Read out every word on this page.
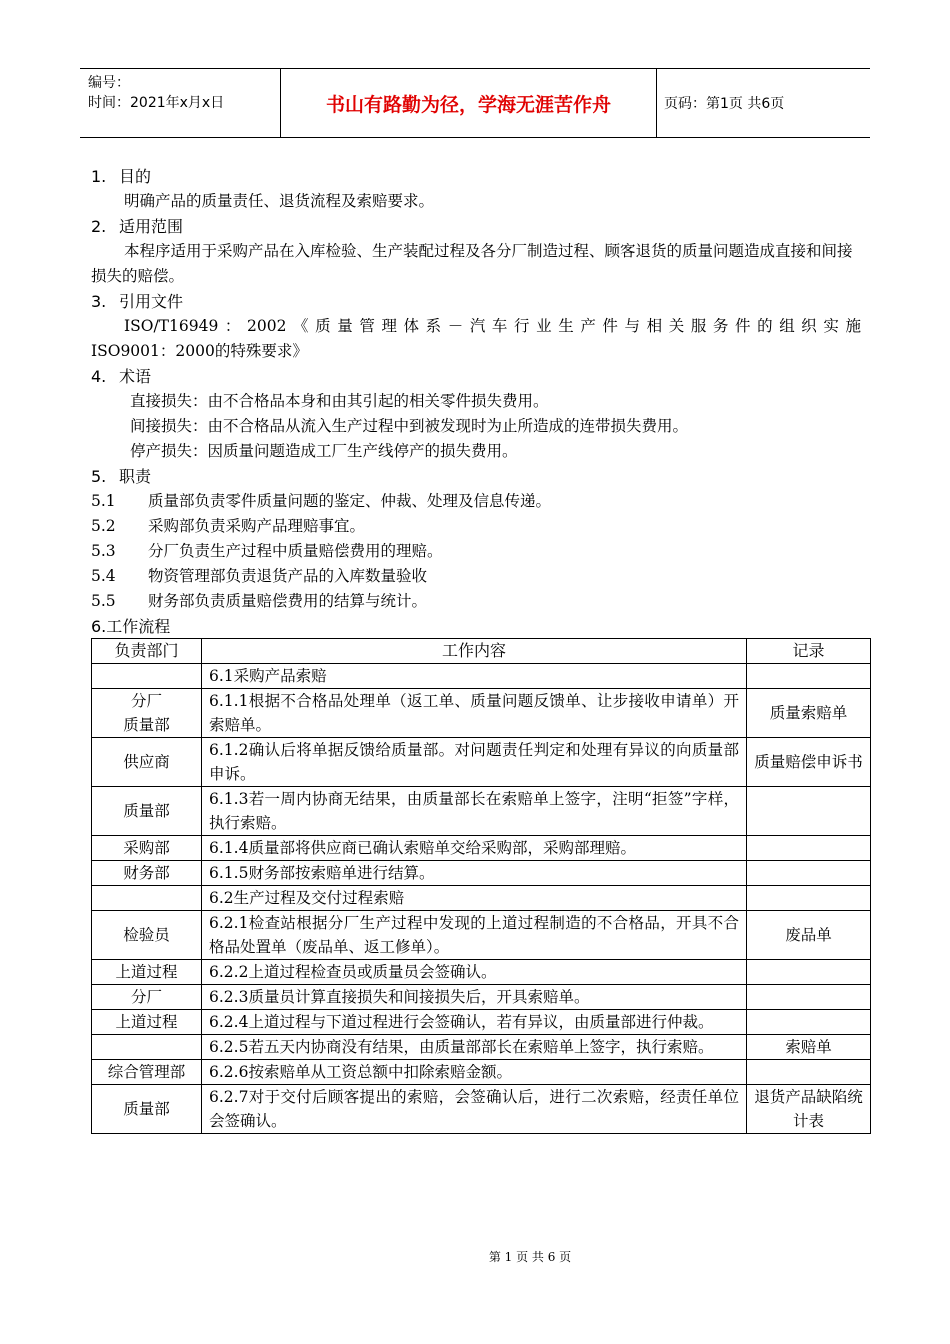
编号：
时间：2021年x月x日	书山有路勤为径，学海无涯苦作舟	页码：第1页 共6页
1. 目的
明确产品的质量责任、退货流程及索赔要求。
2. 适用范围
本程序适用于采购产品在入库检验、生产装配过程及各分厂制造过程、顾客退货的质量问题造成直接和间接损失的赔偿。
3. 引用文件
ISO/T16949：2002《质量管理体系－汽车行业生产件与相关服务件的组织实施
ISO9001：2000的特殊要求》
4. 术语
直接损失：由不合格品本身和由其引起的相关零件损失费用。
间接损失：由不合格品从流入生产过程中到被发现时为止所造成的连带损失费用。
停产损失：因质量问题造成工厂生产线停产的损失费用。
5. 职责
5.1	质量部负责零件质量问题的鉴定、仲裁、处理及信息传递。
5.2	采购部负责采购产品理赔事宜。
5.3	分厂负责生产过程中质量赔偿费用的理赔。
5.4	物资管理部负责退货产品的入库数量验收
5.5	财务部负责质量赔偿费用的结算与统计。
6.工作流程
负责部门	工作内容	记录
	6.1采购产品索赔	
分厂
质量部	6.1.1根据不合格品处理单（返工单、质量问题反馈单、让步接收申请单）开索赔单。	质量索赔单
供应商	6.1.2确认后将单据反馈给质量部。对问题责任判定和处理有异议的向质量部申诉。	质量赔偿申诉书
质量部	6.1.3若一周内协商无结果，由质量部长在索赔单上签字，注明“拒签”字样，执行索赔。	
采购部	6.1.4质量部将供应商已确认索赔单交给采购部，采购部理赔。	
财务部	6.1.5财务部按索赔单进行结算。	
	6.2生产过程及交付过程索赔	
检验员	6.2.1检查站根据分厂生产过程中发现的上道过程制造的不合格品，开具不合格品处置单（废品单、返工修单）。	废品单
上道过程	6.2.2上道过程检查员或质量员会签确认。	
分厂	6.2.3质量员计算直接损失和间接损失后，开具索赔单。	
上道过程	6.2.4上道过程与下道过程进行会签确认，若有异议，由质量部进行仲裁。	
	6.2.5若五天内协商没有结果，由质量部部长在索赔单上签字，执行索赔。	索赔单
综合管理部	6.2.6按索赔单从工资总额中扣除索赔金额。	
质量部	6.2.7对于交付后顾客提出的索赔，会签确认后，进行二次索赔，经责任单位会签确认。	退货产品缺陷统计表
第 1 页 共 6 页
